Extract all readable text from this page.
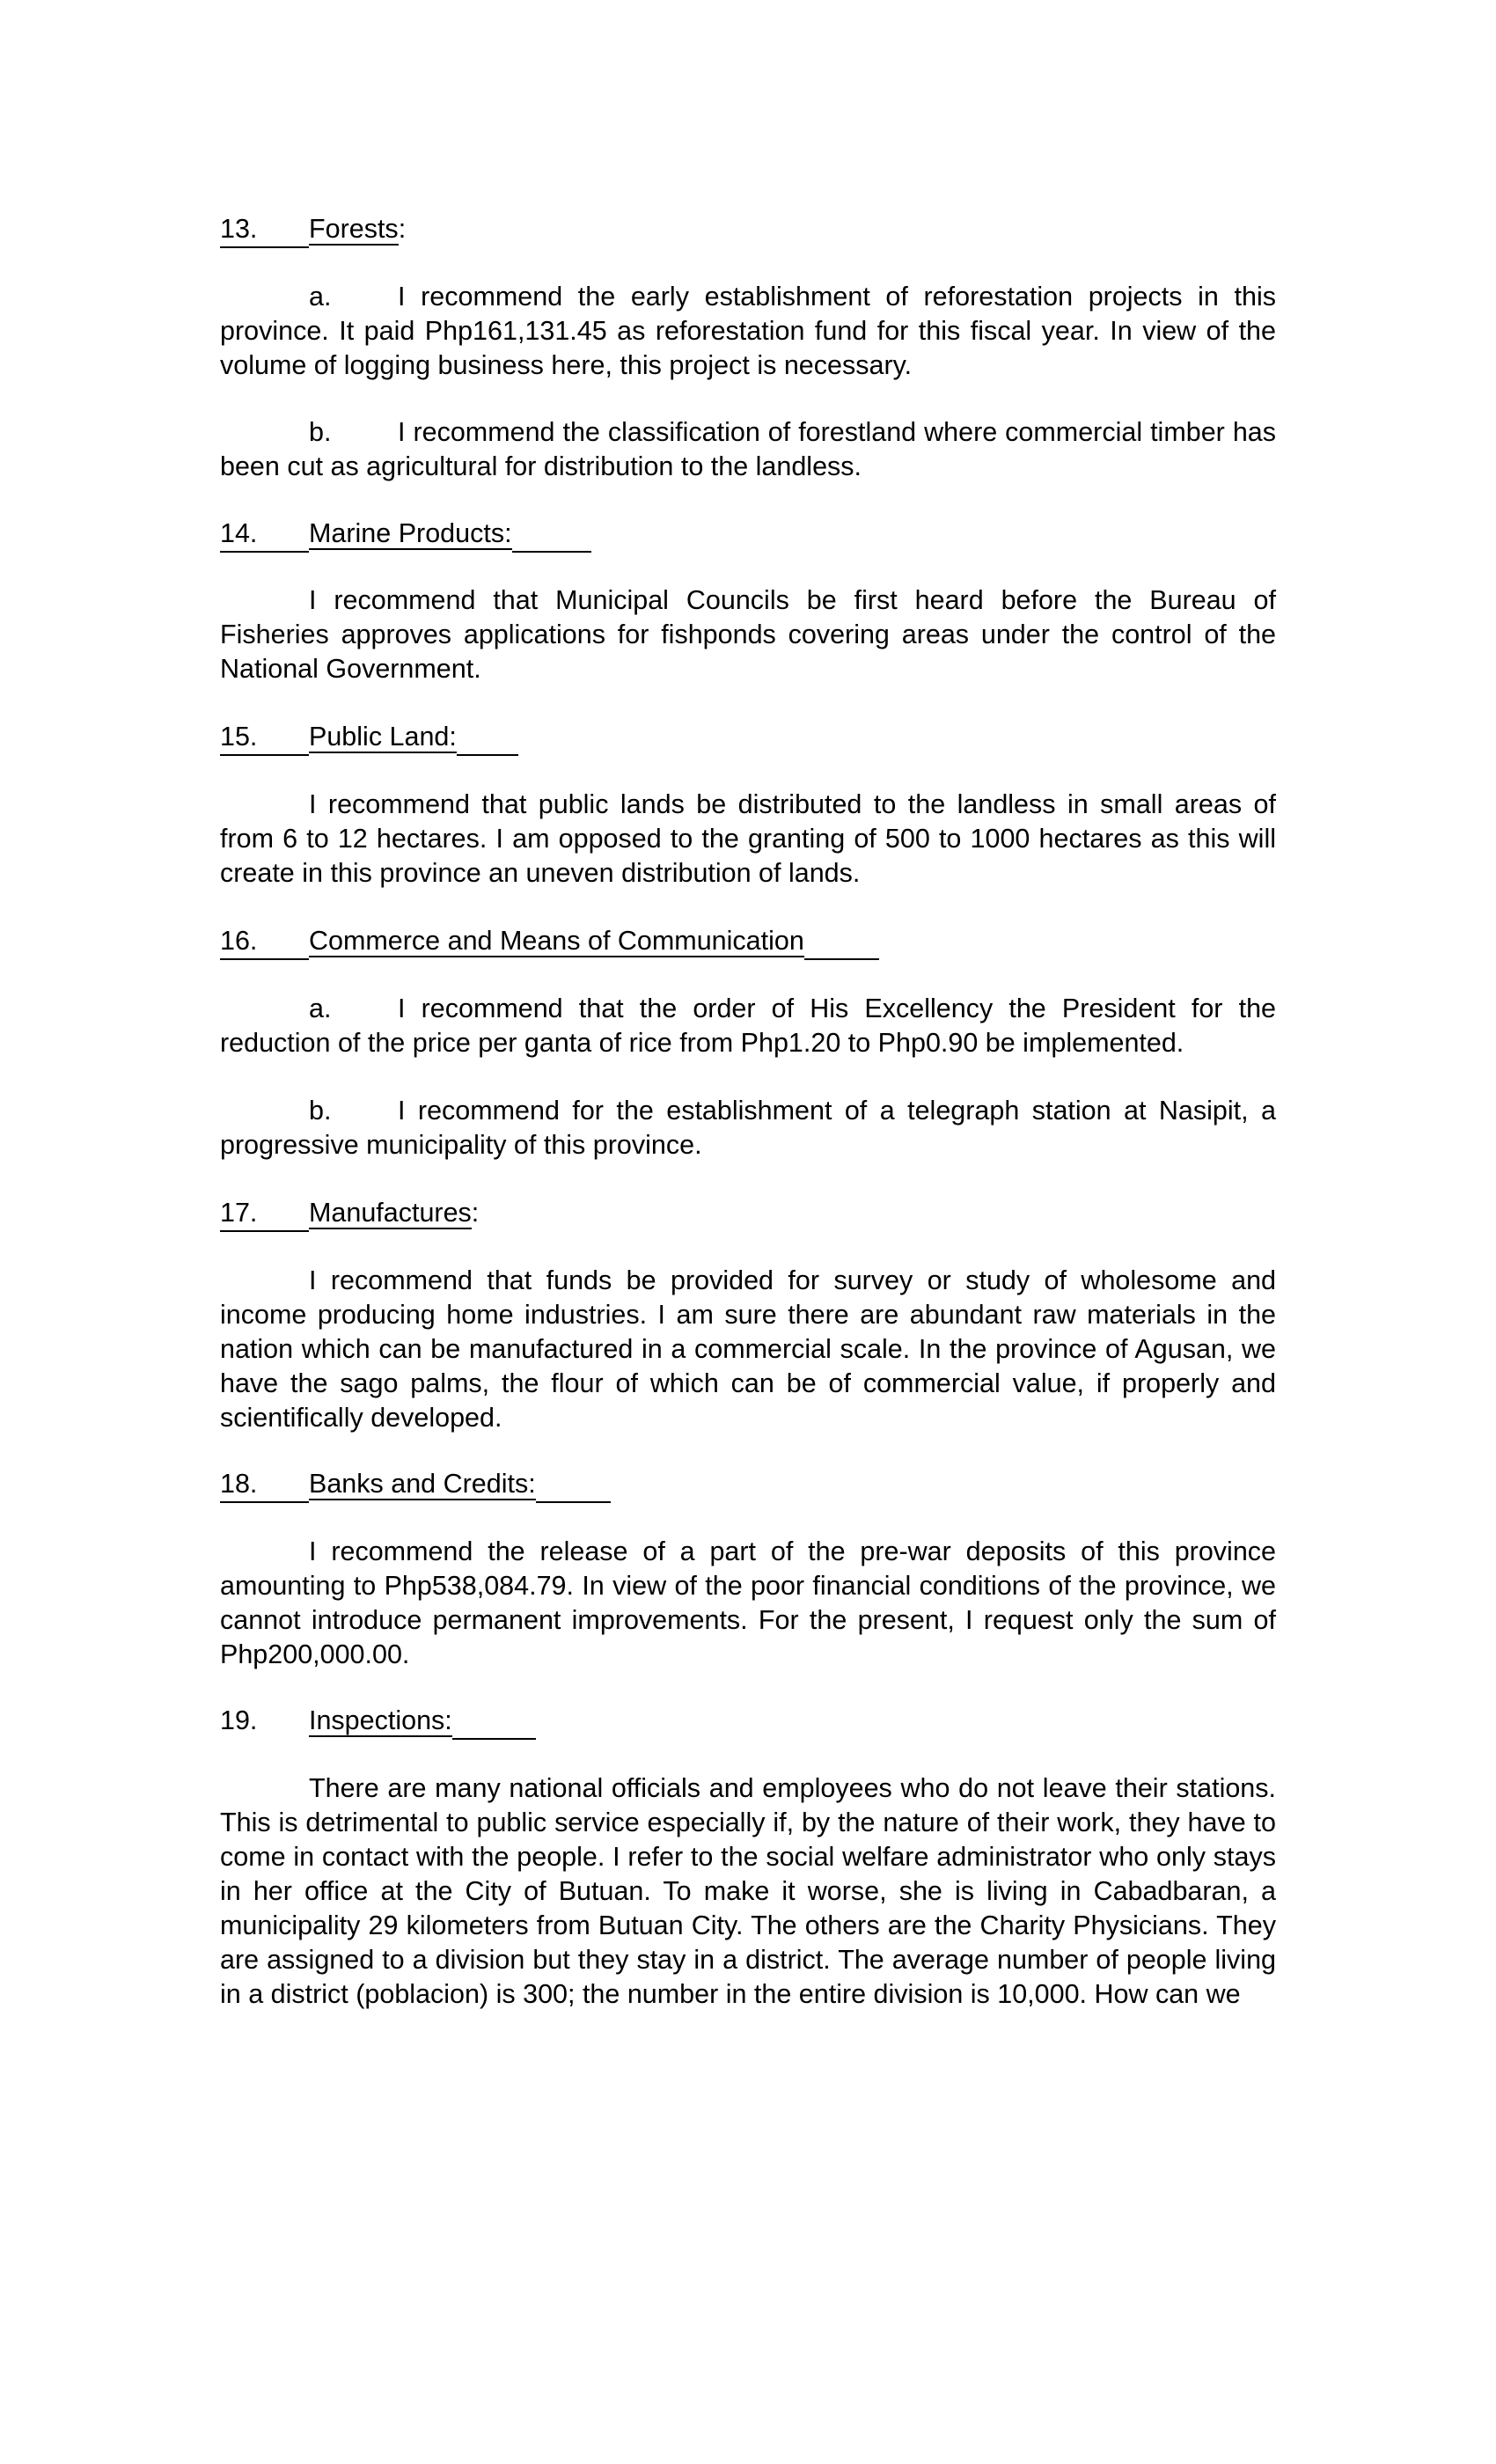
13. Forests:

a. I recommend the early establishment of reforestation projects in this province. It paid Php161,131.45 as reforestation fund for this fiscal year. In view of the volume of logging business here, this project is necessary.

b. I recommend the classification of forestland where commercial timber has been cut as agricultural for distribution to the landless.

14. Marine Products:

I recommend that Municipal Councils be first heard before the Bureau of Fisheries approves applications for fishponds covering areas under the control of the National Government.

15. Public Land:

I recommend that public lands be distributed to the landless in small areas of from 6 to 12 hectares. I am opposed to the granting of 500 to 1000 hectares as this will create in this province an uneven distribution of lands.

16. Commerce and Means of Communication

a. I recommend that the order of His Excellency the President for the reduction of the price per ganta of rice from Php1.20 to Php0.90 be implemented.

b. I recommend for the establishment of a telegraph station at Nasipit, a progressive municipality of this province.

17. Manufactures:

I recommend that funds be provided for survey or study of wholesome and income producing home industries. I am sure there are abundant raw materials in the nation which can be manufactured in a commercial scale. In the province of Agusan, we have the sago palms, the flour of which can be of commercial value, if properly and scientifically developed.

18. Banks and Credits:

I recommend the release of a part of the pre-war deposits of this province amounting to Php538,084.79. In view of the poor financial conditions of the province, we cannot introduce permanent improvements. For the present, I request only the sum of Php200,000.00.

19. Inspections:

There are many national officials and employees who do not leave their stations. This is detrimental to public service especially if, by the nature of their work, they have to come in contact with the people. I refer to the social welfare administrator who only stays in her office at the City of Butuan. To make it worse, she is living in Cabadbaran, a municipality 29 kilometers from Butuan City. The others are the Charity Physicians. They are assigned to a division but they stay in a district. The average number of people living in a district (poblacion) is 300; the number in the entire division is 10,000. How can we
